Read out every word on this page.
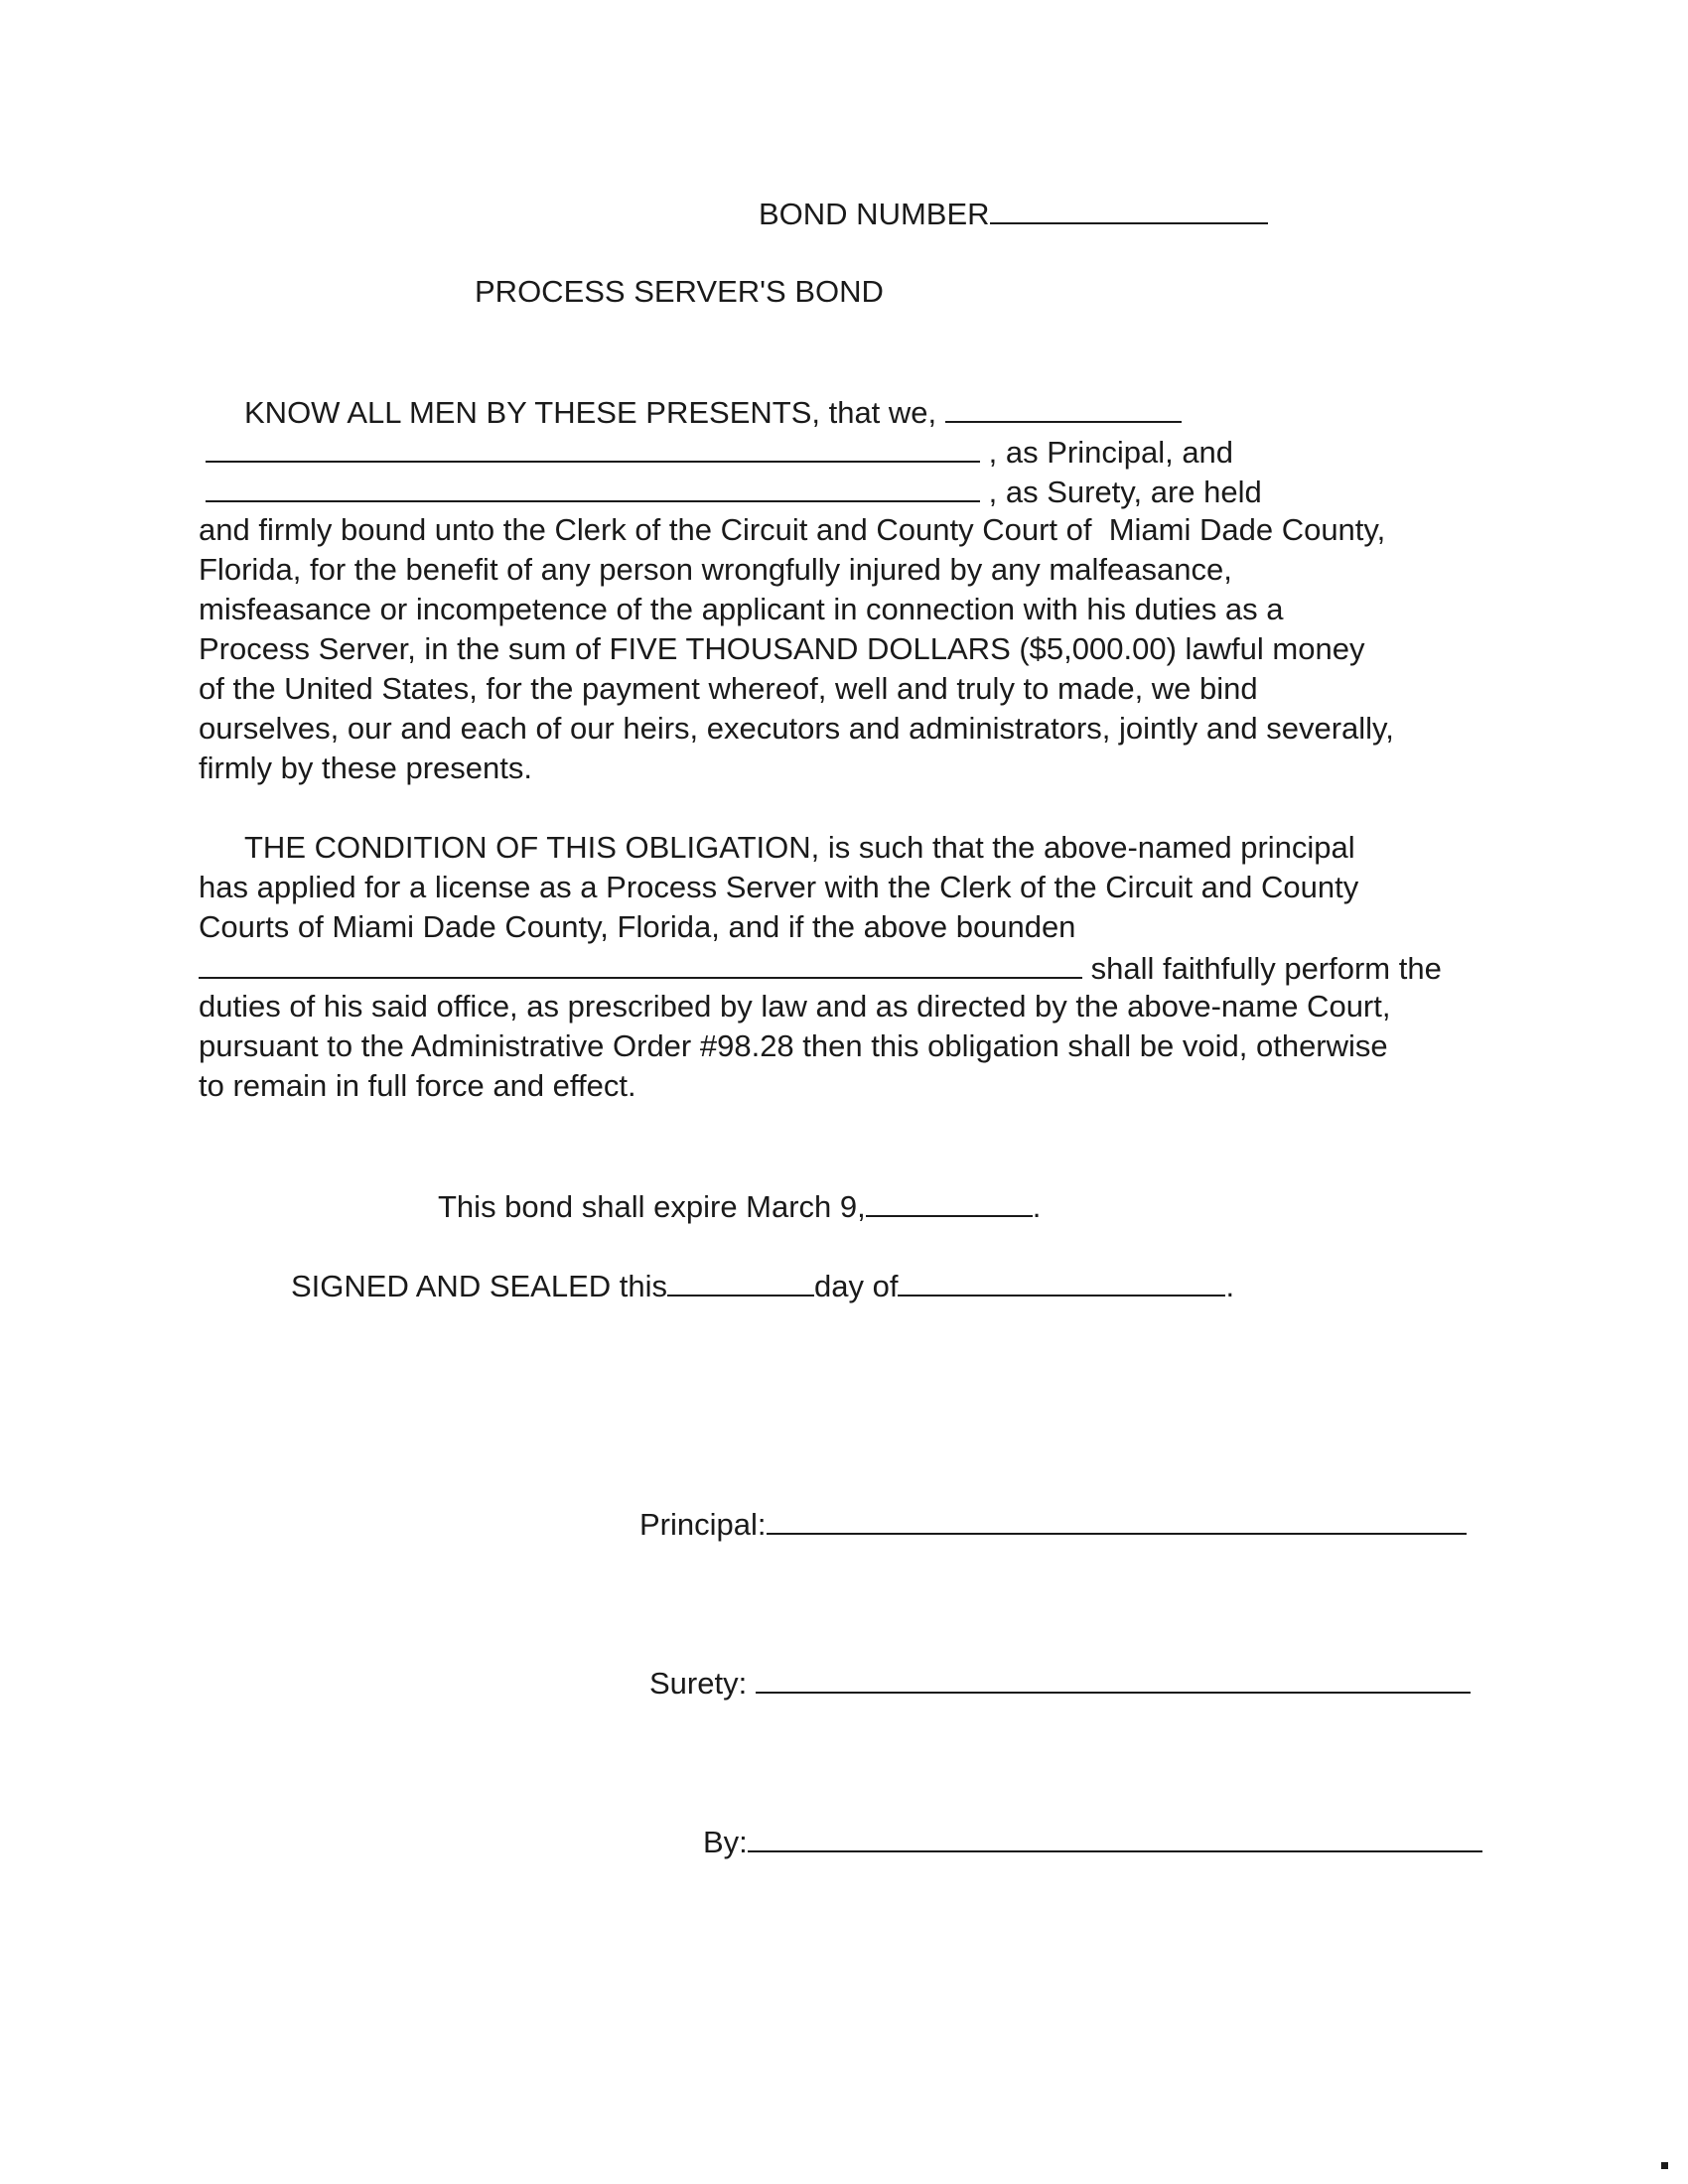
BOND NUMBER
PROCESS SERVER'S BOND
KNOW ALL MEN BY THESE PRESENTS, that we,
, as Principal, and
, as Surety, are held
and firmly bound unto the Clerk of the Circuit and County Court of  Miami Dade County,
Florida, for the benefit of any person wrongfully injured by any malfeasance,
misfeasance or incompetence of the applicant in connection with his duties as a
Process Server, in the sum of FIVE THOUSAND DOLLARS ($5,000.00) lawful money
of the United States, for the payment whereof, well and truly to made, we bind
ourselves, our and each of our heirs, executors and administrators, jointly and severally,
firmly by these presents.
THE CONDITION OF THIS OBLIGATION, is such that the above-named principal
has applied for a license as a Process Server with the Clerk of the Circuit and County
Courts of Miami Dade County, Florida, and if the above bounden
shall faithfully perform the
duties of his said office, as prescribed by law and as directed by the above-name Court,
pursuant to the Administrative Order #98.28 then this obligation shall be void, otherwise
to remain in full force and effect.
This bond shall expire March 9,	.
SIGNED AND SEALED this	day of	.
Principal:
Surety:
By:
